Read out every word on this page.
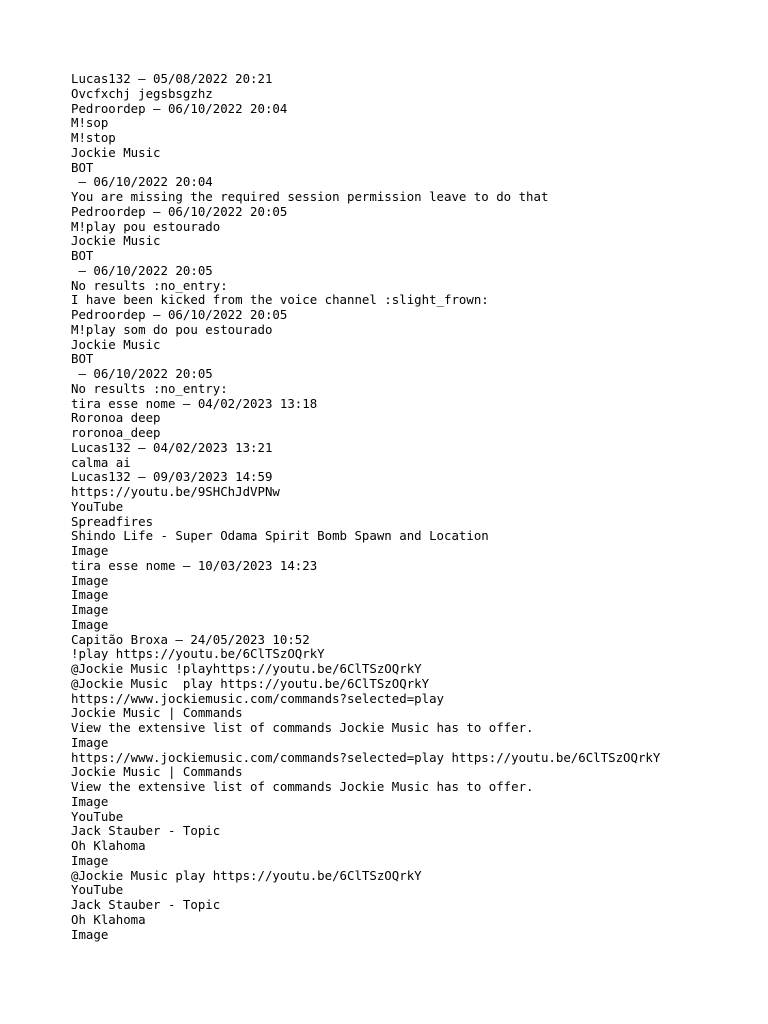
Lucas132 — 05/08/2022 20:21
Ovcfxchj jegsbsgzhz
Pedroordep — 06/10/2022 20:04
M!sop
M!stop
Jockie Music
BOT
— 06/10/2022 20:04
You are missing the required session permission leave to do that
Pedroordep — 06/10/2022 20:05
M!play pou estourado
Jockie Music
BOT
— 06/10/2022 20:05
No results :no_entry:
I have been kicked from the voice channel :slight_frown:
Pedroordep — 06/10/2022 20:05
M!play som do pou estourado
Jockie Music
BOT
— 06/10/2022 20:05
No results :no_entry:
tira esse nome — 04/02/2023 13:18
Roronoa deep
roronoa_deep
Lucas132 — 04/02/2023 13:21
calma ai
Lucas132 — 09/03/2023 14:59
https://youtu.be/9SHChJdVPNw
YouTube
Spreadfires
Shindo Life - Super Odama Spirit Bomb Spawn and Location
Image
tira esse nome — 10/03/2023 14:23
Image
Image
Image
Image
Capitão Broxa — 24/05/2023 10:52
!play https://youtu.be/6ClTSzOQrkY
@Jockie Music !playhttps://youtu.be/6ClTSzOQrkY
@Jockie Music  play https://youtu.be/6ClTSzOQrkY
https://www.jockiemusic.com/commands?selected=play
Jockie Music | Commands
View the extensive list of commands Jockie Music has to offer.
Image
https://www.jockiemusic.com/commands?selected=play https://youtu.be/6ClTSzOQrkY
Jockie Music | Commands
View the extensive list of commands Jockie Music has to offer.
Image
YouTube
Jack Stauber - Topic
Oh Klahoma
Image
@Jockie Music play https://youtu.be/6ClTSzOQrkY
YouTube
Jack Stauber - Topic
Oh Klahoma
Image
